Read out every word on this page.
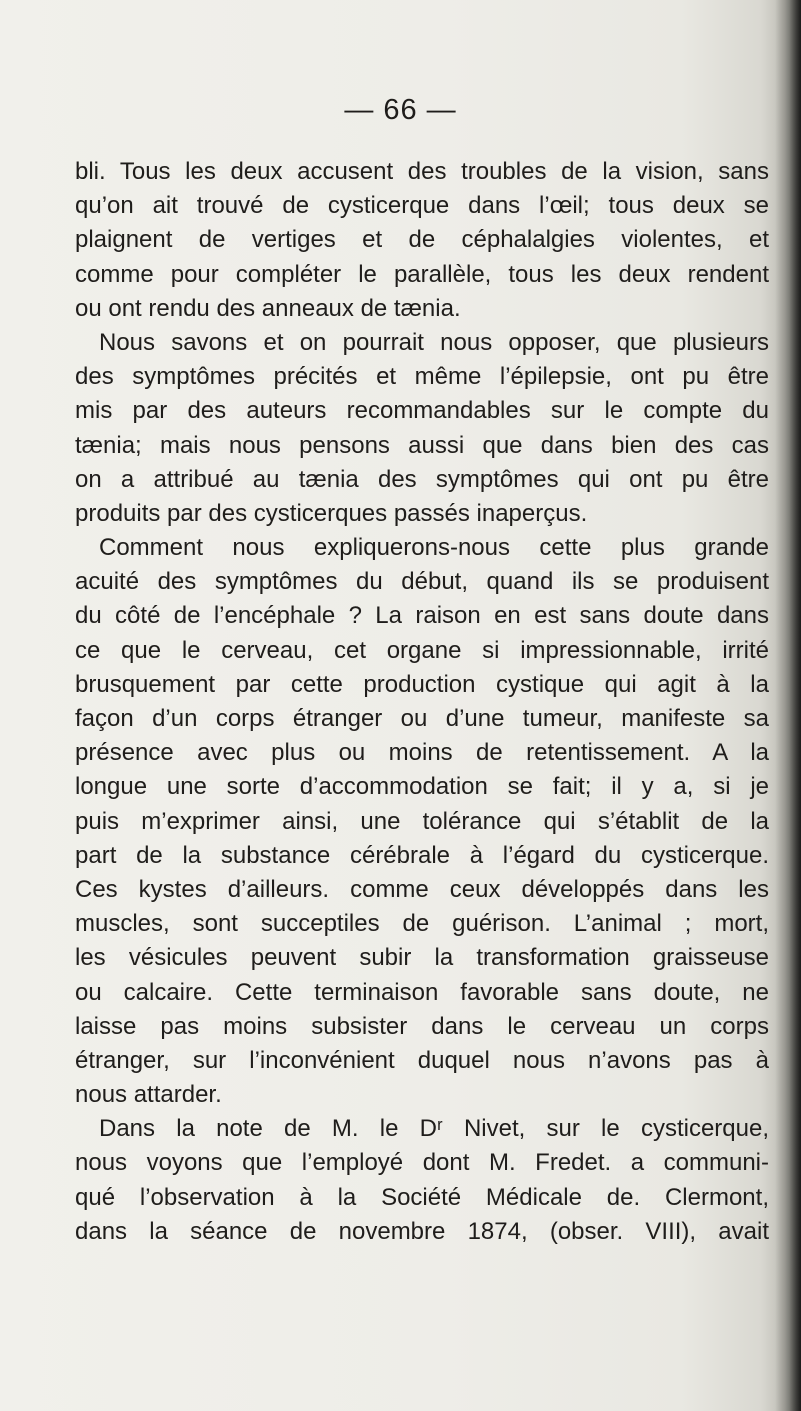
— 66 —
bli. Tous les deux accusent des troubles de la vision, sans
qu’on ait trouvé de cysticerque dans l’œil; tous deux se
plaignent de vertiges et de céphalalgies violentes, et
comme pour compléter le parallèle, tous les deux rendent
ou ont rendu des anneaux de tænia.
Nous savons et on pourrait nous opposer, que plusieurs
des symptômes précités et même l’épilepsie, ont pu être
mis par des auteurs recommandables sur le compte du
tænia; mais nous pensons aussi que dans bien des cas
on a attribué au tænia des symptômes qui ont pu être
produits par des cysticerques passés inaperçus.
Comment nous expliquerons-nous cette plus grande
acuité des symptômes du début, quand ils se produisent
du côté de l’encéphale ? La raison en est sans doute dans
ce que le cerveau, cet organe si impressionnable, irrité
brusquement par cette production cystique qui agit à la
façon d’un corps étranger ou d’une tumeur, manifeste sa
présence avec plus ou moins de retentissement. A la
longue une sorte d’accommodation se fait; il y a, si je
puis m’exprimer ainsi, une tolérance qui s’établit de la
part de la substance cérébrale à l’égard du cysticerque.
Ces kystes d’ailleurs. comme ceux développés dans les
muscles, sont succeptiles de guérison. L’animal ; mort,
les vésicules peuvent subir la transformation graisseuse
ou calcaire. Cette terminaison favorable sans doute, ne
laisse pas moins subsister dans le cerveau un corps
étranger, sur l’inconvénient duquel nous n’avons pas à
nous attarder.
Dans la note de M. le Dʳ Nivet, sur le cysticerque,
nous voyons que l’employé dont M. Fredet. a communi-
qué l’observation à la Société Médicale de. Clermont,
dans la séance de novembre 1874, (obser. VIII), avait
